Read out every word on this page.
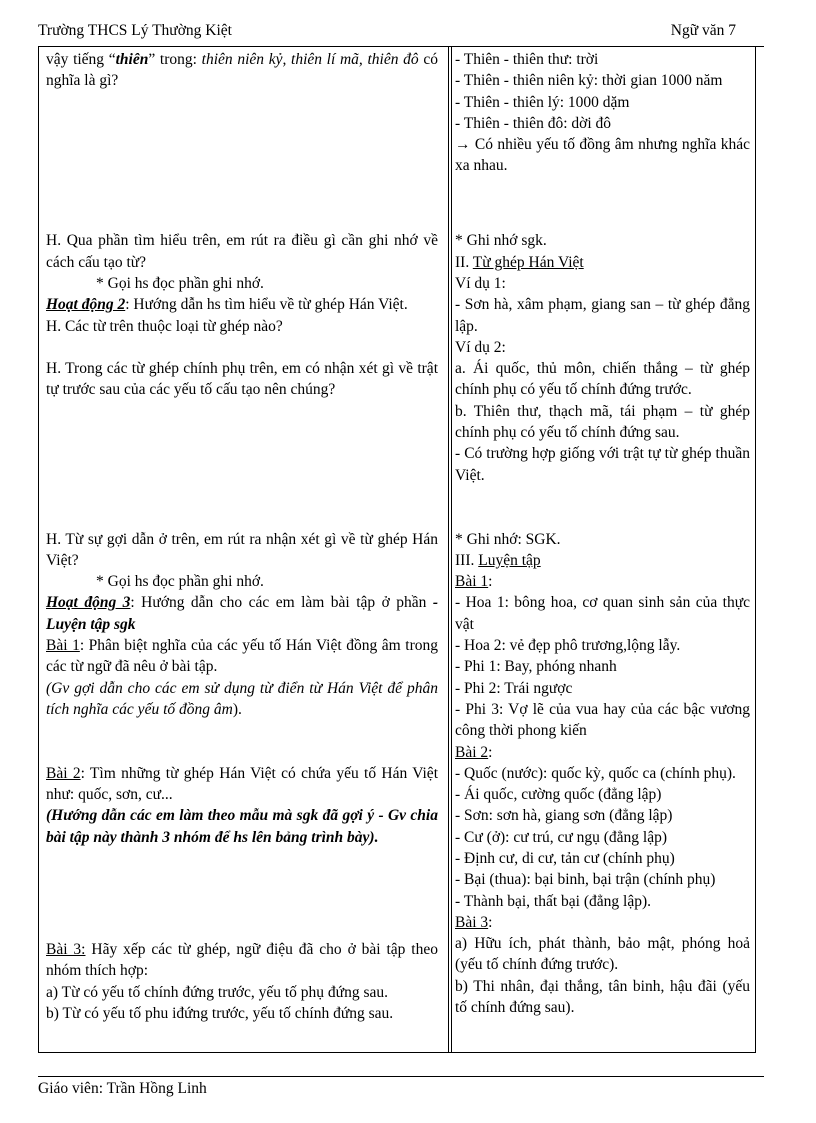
Trường THCS Lý Thường Kiệt	Ngữ văn 7

vậy tiếng “thiên” trong: thiên niên kỷ, thiên lí mã, thiên đô có nghĩa là gì?

H. Qua phần tìm hiểu trên, em rút ra điều gì cần ghi nhớ về cách cấu tạo từ?

* Gọi hs đọc phần ghi nhớ.

Hoạt động 2: Hướng dẫn hs tìm hiểu về từ ghép Hán Việt.

H. Các từ trên thuộc loại từ ghép nào?

H. Trong các từ ghép chính phụ trên, em có nhận xét gì về trật tự trước sau của các yếu tố cấu tạo nên chúng?

H. Từ sự gợi dẫn ở trên, em rút ra nhận xét gì về từ ghép Hán Việt?

* Gọi hs đọc phần ghi nhớ.

Hoạt động 3: Hướng dẫn cho các em làm bài tập ở phần - Luyện tập sgk

Bài 1: Phân biệt nghĩa của các yếu tố Hán Việt đồng âm trong các từ ngữ đã nêu ở bài tập.

(Gv gợi dẫn cho các em sử dụng từ điển từ Hán Việt để phân tích nghĩa các yếu tố đồng âm).

Bài 2: Tìm những từ ghép Hán Việt có chứa yếu tố Hán Việt như: quốc, sơn, cư...

(Hướng dẫn các em làm theo mẫu mà sgk đã gợi ý - Gv chia bài tập này thành 3 nhóm để hs lên bảng trình bày).

Bài 3: Hãy xếp các từ ghép, ngữ điệu đã cho ở bài tập theo nhóm thích hợp:

a) Từ có yếu tố chính đứng trước, yếu tố phụ đứng sau.

b) Từ có yếu tố phu iđứng trước, yếu tố chính đứng sau.

- Thiên - thiên thư: trời

- Thiên - thiên niên kỷ: thời gian 1000 năm

- Thiên - thiên lý: 1000 dặm

- Thiên - thiên đô: dời đô

→ Có nhiều yếu tố đồng âm nhưng nghĩa khác xa nhau.

* Ghi nhớ sgk.

II. Từ ghép Hán Việt

Ví dụ 1:

- Sơn hà, xâm phạm, giang san – từ ghép đẳng lập.

Ví dụ 2:

a. Ái quốc, thủ môn, chiến thắng – từ ghép chính phụ có yếu tố chính đứng trước.

b. Thiên thư, thạch mã, tái phạm – từ ghép chính phụ có yếu tố chính đứng sau.

- Có trường hợp giống với trật tự từ ghép thuần Việt.

* Ghi nhớ: SGK.

III. Luyện tập

Bài 1:

- Hoa 1: bông hoa, cơ quan sinh sản của thực vật

- Hoa 2: vẻ đẹp phô trương,lộng lẫy.

- Phi 1: Bay, phóng nhanh

- Phi 2: Trái ngược

- Phi 3: Vợ lẽ của vua hay của các bậc vương công thời phong kiến

Bài 2:

- Quốc (nước): quốc kỳ, quốc ca (chính phụ).

- Ái quốc, cường quốc (đẳng lập)

- Sơn: sơn hà, giang sơn (đẳng lập)

- Cư (ở): cư trú, cư ngụ (đẳng lập)

- Định cư, di cư, tản cư (chính phụ)

- Bại (thua): bại binh, bại trận (chính phụ)

- Thành bại, thất bại (đẳng lập).

Bài 3:

a) Hữu ích, phát thành, bảo mật, phóng hoả (yếu tố chính đứng trước).

b) Thi nhân, đại thắng, tân binh, hậu đãi (yếu tố chính đứng sau).

Giáo viên: Trần Hồng Linh
